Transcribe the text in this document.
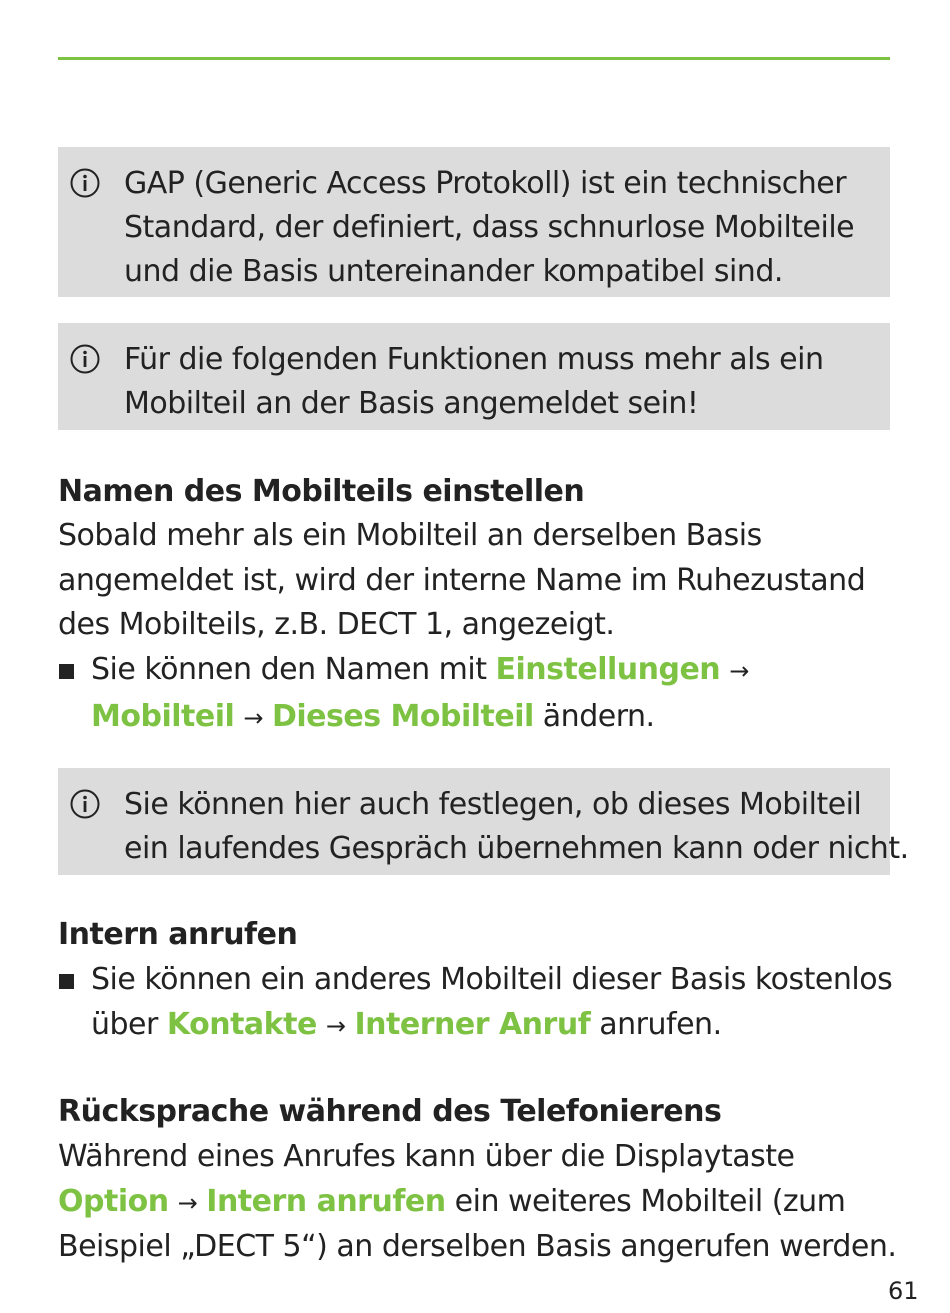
GAP (Generic Access Protokoll) ist ein technischer

Standard, der definiert, dass schnurlose Mobilteile

und die Basis untereinander kompatibel sind.

Für die folgenden Funktionen muss mehr als ein

Mobilteil an der Basis angemeldet sein!

Namen des Mobilteils einstellen
Sobald mehr als ein Mobilteil an derselben Basis
angemeldet ist, wird der interne Name im Ruhezustand
des Mobilteils, z.B. DECT 1, angezeigt.
Sie können den Namen mit Einstellungen →
Mobilteil → Dieses Mobilteil ändern.

Sie können hier auch festlegen, ob dieses Mobilteil

ein laufendes Gespräch übernehmen kann oder nicht.

Intern anrufen
Sie können ein anderes Mobilteil dieser Basis kostenlos
über Kontakte → Interner Anruf anrufen.
Rücksprache während des Telefonierens
Während eines Anrufes kann über die Displaytaste
Option → Intern anrufen ein weiteres Mobilteil (zum
Beispiel „DECT 5“) an derselben Basis angerufen werden.
61
